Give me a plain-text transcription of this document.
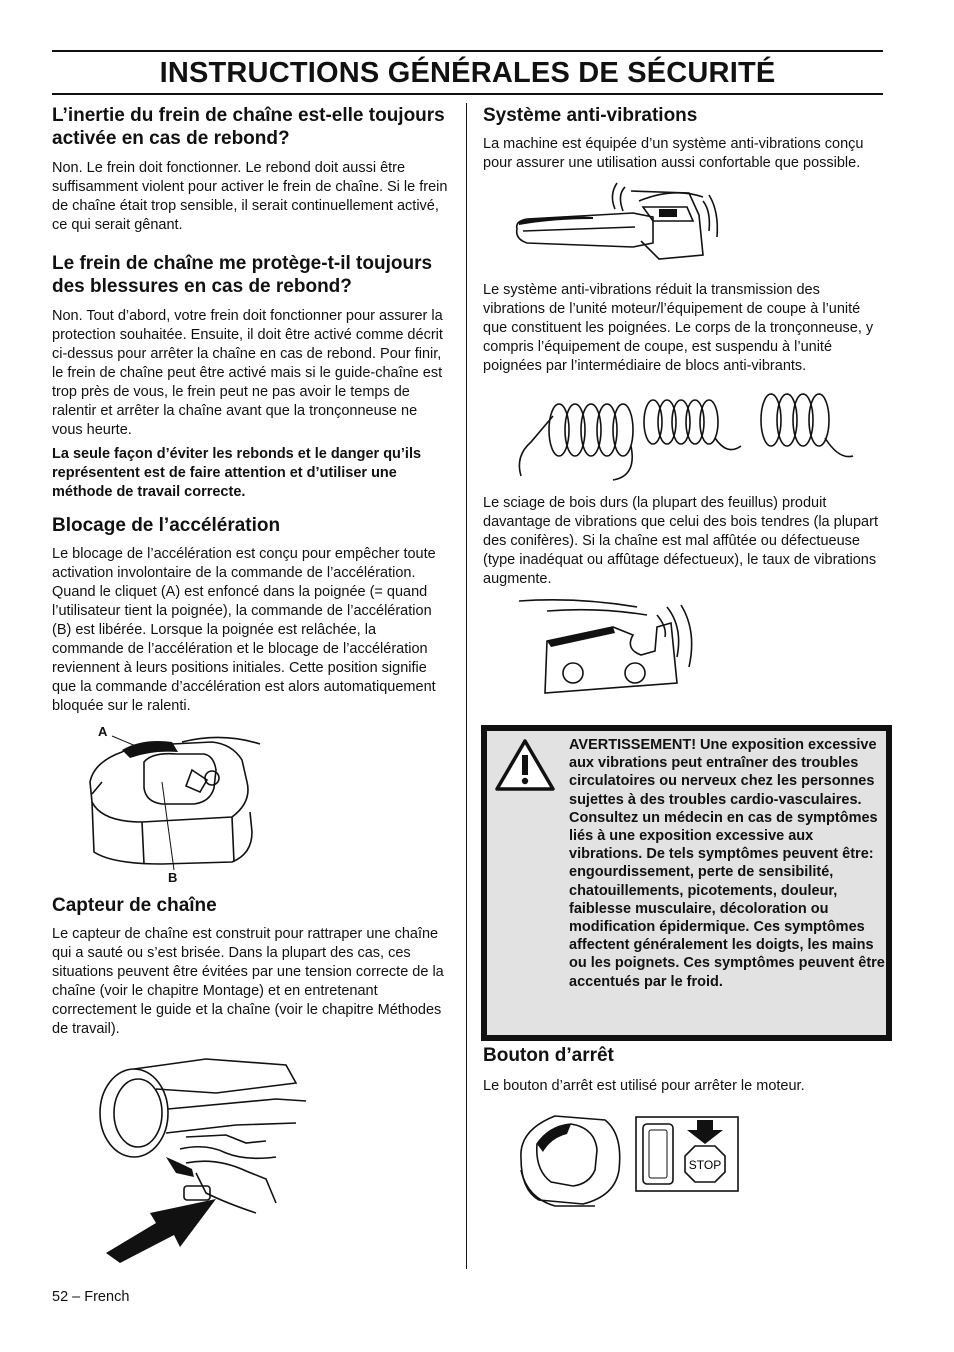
INSTRUCTIONS GÉNÉRALES DE SÉCURITÉ
L’inertie du frein de chaîne est-elle toujours activée en cas de rebond?

Non. Le frein doit fonctionner. Le rebond doit aussi être suffisamment violent pour activer le frein de chaîne. Si le frein de chaîne était trop sensible, il serait continuellement activé, ce qui serait gênant.

Le frein de chaîne me protège-t-il toujours des blessures en cas de rebond?

Non. Tout d’abord, votre frein doit fonctionner pour assurer la protection souhaitée. Ensuite, il doit être activé comme décrit ci-dessus pour arrêter la chaîne en cas de rebond. Pour finir, le frein de chaîne peut être activé mais si le guide-chaîne est trop près de vous, le frein peut ne pas avoir le temps de ralentir et arrêter la chaîne avant que la tronçonneuse ne vous heurte.

La seule façon d’éviter les rebonds et le danger qu’ils représentent est de faire attention et d’utiliser une méthode de travail correcte.

Blocage de l’accélération

Le blocage de l’accélération est conçu pour empêcher toute activation involontaire de la commande de l’accélération. Quand le cliquet (A) est enfoncé dans la poignée (= quand l’utilisateur tient la poignée), la commande de l’accélération (B) est libérée. Lorsque la poignée est relâchée, la commande de l’accélération et le blocage de l’accélération reviennent à leurs positions initiales. Cette position signifie que la commande d’accélération est alors automatiquement bloquée sur le ralenti.

A
B
Capteur de chaîne

Le capteur de chaîne est construit pour rattraper une chaîne qui a sauté ou s’est brisée. Dans la plupart des cas, ces situations peuvent être évitées par une tension correcte de la chaîne (voir le chapitre Montage) et en entretenant correctement le guide et la chaîne (voir le chapitre Méthodes de travail).

Système anti-vibrations

La machine est équipée d’un système anti-vibrations conçu pour assurer une utilisation aussi confortable que possible.

Le système anti-vibrations réduit la transmission des vibrations de l’unité moteur/l’équipement de coupe à l’unité que constituent les poignées. Le corps de la tronçonneuse, y compris l’équipement de coupe, est suspendu à l’unité poignées par l’intermédiaire de blocs anti-vibrants.

Le sciage de bois durs (la plupart des feuillus) produit davantage de vibrations que celui des bois tendres (la plupart des conifères). Si la chaîne est mal affûtée ou défectueuse (type inadéquat ou affûtage défectueux), le taux de vibrations augmente.

AVERTISSEMENT! Une exposition excessive aux vibrations peut entraîner des troubles circulatoires ou nerveux chez les personnes sujettes à des troubles cardio-vasculaires. Consultez un médecin en cas de symptômes liés à une exposition excessive aux vibrations. De tels symptômes peuvent être: engourdissement, perte de sensibilité, chatouillements, picotements, douleur, faiblesse musculaire, décoloration ou modification épidermique. Ces symptômes affectent généralement les doigts, les mains ou les poignets. Ces symptômes peuvent être accentués par le froid.

Bouton d’arrêt

Le bouton d’arrêt est utilisé pour arrêter le moteur.

STOP
52 – French
